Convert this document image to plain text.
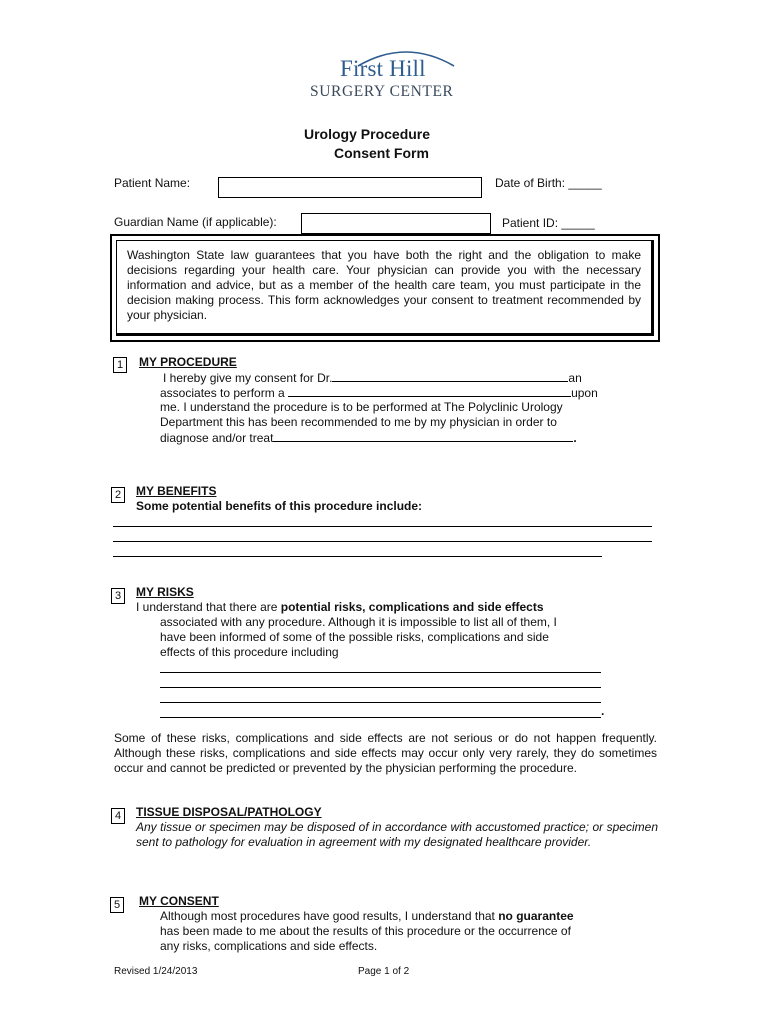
First Hill
SURGERY CENTER
Urology Procedure
Consent Form
Patient Name:	Date of Birth: _____
Guardian Name (if applicable):	Patient ID: _____
Washington State law guarantees that you have both the right and the obligation to make decisions regarding your health care. Your physician can provide you with the necessary information and advice, but as a member of the health care team, you must participate in the decision making process. This form acknowledges your consent to treatment recommended by your physician.
1	MY PROCEDURE
I hereby give my consent for Dr.	an
associates to perform a	upon
me. I understand the procedure is to be performed at The Polyclinic Urology
Department this has been recommended to me by my physician in order to
diagnose and/or treat	.
2	MY BENEFITS
Some potential benefits of this procedure include:
3	MY RISKS
I understand that there are potential risks, complications and side effects
associated with any procedure. Although it is impossible to list all of them, I
have been informed of some of the possible risks, complications and side
effects of this procedure including
.
Some of these risks, complications and side effects are not serious or do not happen frequently. Although these risks, complications and side effects may occur only very rarely, they do sometimes occur and cannot be predicted or prevented by the physician performing the procedure.
4	TISSUE DISPOSAL/PATHOLOGY
Any tissue or specimen may be disposed of in accordance with accustomed practice; or specimen sent to pathology for evaluation in agreement with my designated healthcare provider.
5	MY CONSENT
Although most procedures have good results, I understand that no guarantee
has been made to me about the results of this procedure or the occurrence of
any risks, complications and side effects.
Revised 1/24/2013	Page 1 of 2
